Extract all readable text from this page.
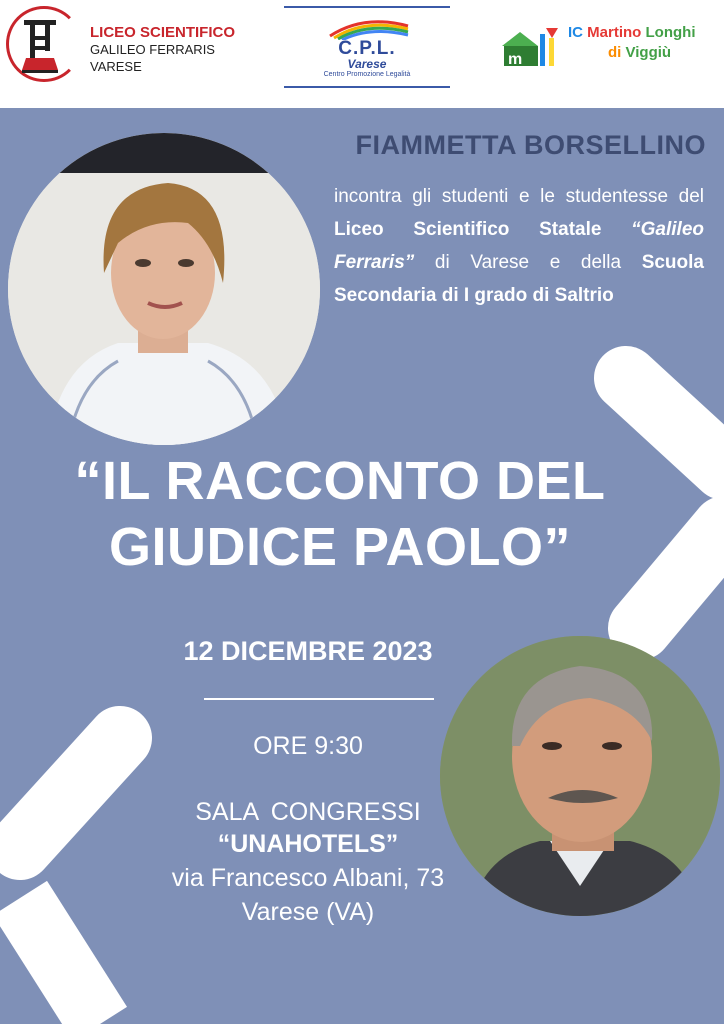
LICEO SCIENTIFICO
GALILEO FERRARIS
VARESE
C.P.L.
Varese
Centro Promozione Legalità
m
IC Martino Longhi
di Viggiù
FIAMMETTA BORSELLINO
incontra gli studenti e le studentesse del Liceo Scientifico Statale “Galileo Ferraris” di Varese e della Scuola Secondaria di I grado di Saltrio
“IL RACCONTO DEL
GIUDICE PAOLO”
12 DICEMBRE 2023
ORE 9:30
SALA CONGRESSI
“UNAHOTELS”
via Francesco Albani, 73
Varese (VA)
